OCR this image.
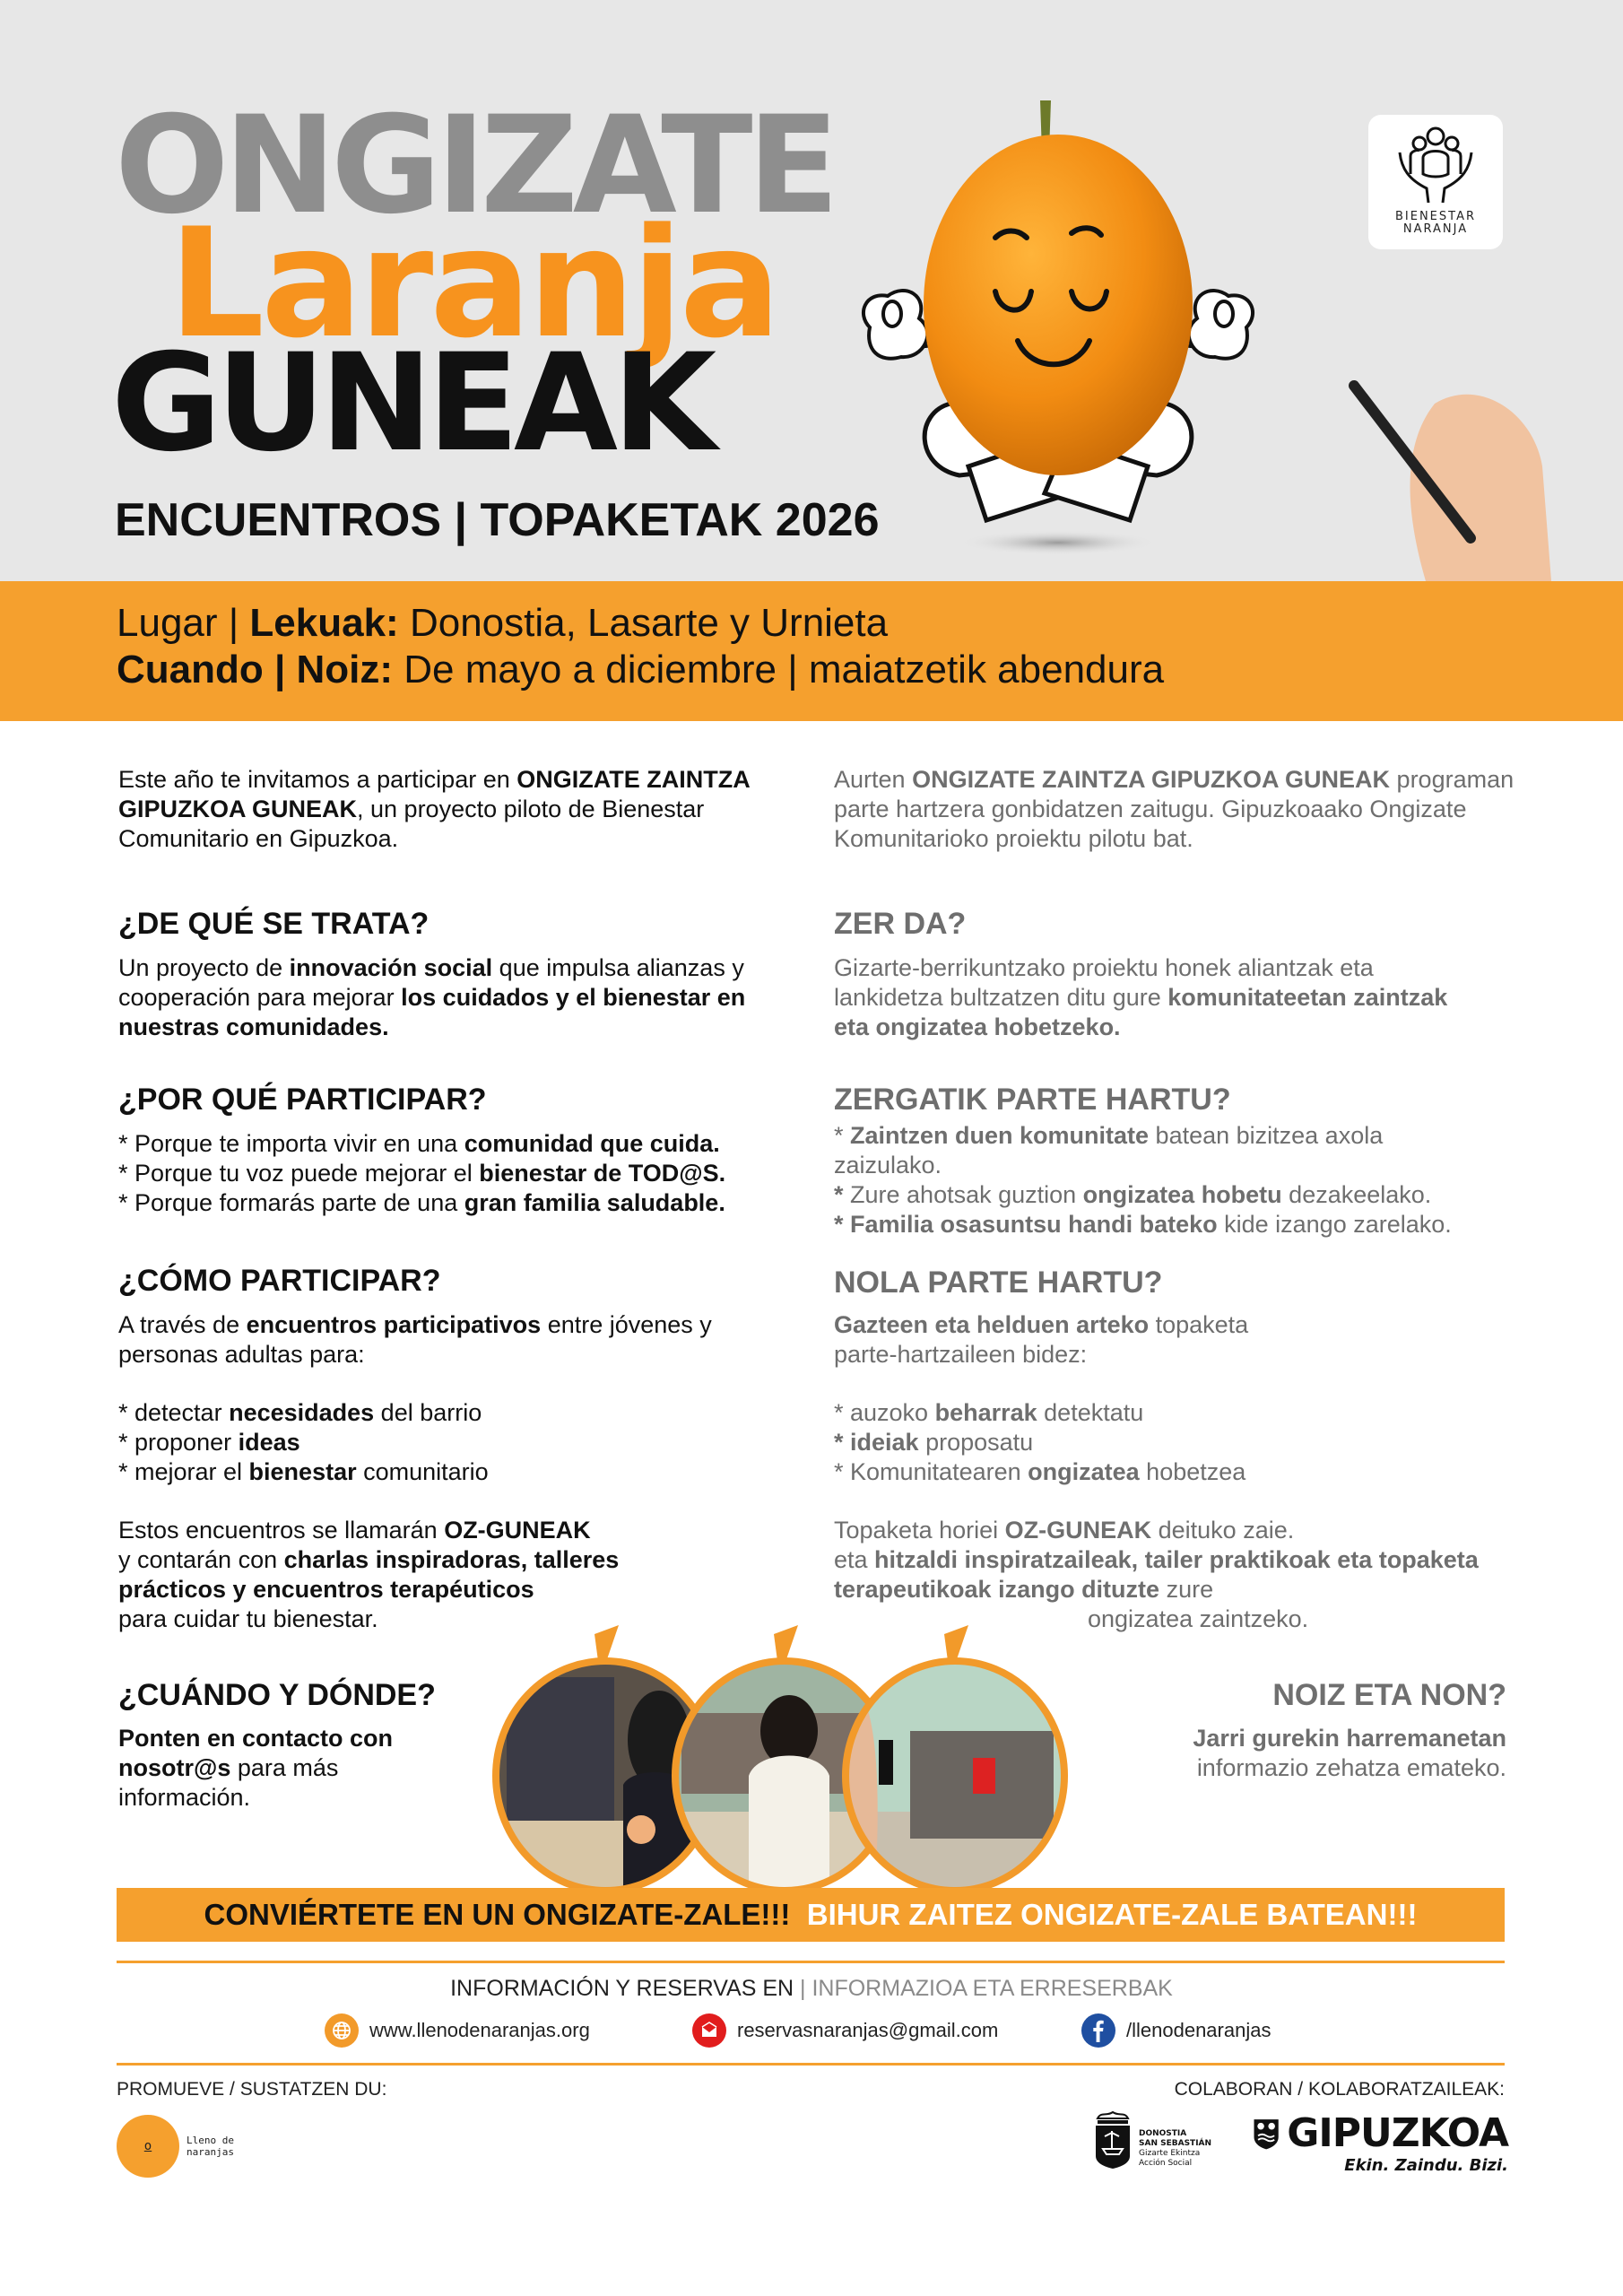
ONGIZATE
Laranja
GUNEAK
ENCUENTROS | TOPAKETAK 2026
BIENESTAR
NARANJA
Lugar | Lekuak: Donostia, Lasarte y Urnieta
Cuando | Noiz: De mayo a diciembre | maiatzetik abendura
Este año te invitamos a participar en ONGIZATE ZAINTZA GIPUZKOA GUNEAK, un proyecto piloto de Bienestar Comunitario en Gipuzkoa.
¿DE QUÉ SE TRATA?
Un proyecto de innovación social que impulsa alianzas y cooperación para mejorar los cuidados y el bienestar en nuestras comunidades.
¿POR QUÉ PARTICIPAR?
* Porque te importa vivir en una comunidad que cuida.
* Porque tu voz puede mejorar el bienestar de TOD@S.
* Porque formarás parte de una gran familia saludable.
¿CÓMO PARTICIPAR?
A través de encuentros participativos entre jóvenes y personas adultas para:
* detectar necesidades del barrio
* proponer ideas
* mejorar el bienestar comunitario
Estos encuentros se llamarán OZ-GUNEAK
y contarán con charlas inspiradoras, talleres prácticos y encuentros terapéuticos
para cuidar tu bienestar.
¿CUÁNDO Y DÓNDE?
Ponten en contacto con nosotr@s para más información.
Aurten ONGIZATE ZAINTZA GIPUZKOA GUNEAK programan parte hartzera gonbidatzen zaitugu. Gipuzkoaako Ongizate Komunitarioko proiektu pilotu bat.
ZER DA?
Gizarte-berrikuntzako proiektu honek aliantzak eta lankidetza bultzatzen ditu gure komunitateetan zaintzak eta ongizatea hobetzeko.
ZERGATIK PARTE HARTU?
* Zaintzen duen komunitate batean bizitzea axola zaizulako.
* Zure ahotsak guztion ongizatea hobetu dezakeelakо.
* Familia osasuntsu handi bateko kide izango zarelako.
NOLA PARTE HARTU?
Gazteen eta helduen arteko topaketa parte-hartzaileen bidez:
* auzoko beharrak detektatu
* ideiak proposatu
* Komunitatearen ongizatea hobetzea
Topaketa horiei OZ-GUNEAK deituko zaie.
eta hitzaldi inspiratzaileak, tailer praktikoak eta topaketa terapeutikoak izango dituzte zure
ongizatea zaintzeko.
NOIZ ETA NON?
Jarri gurekin harremanetan
informazio zehatza emateko.
CONVIÉRTETE EN UN ONGIZATE-ZALE!!! BIHUR ZAITEZ ONGIZATE-ZALE BATEAN!!!
INFORMACIÓN Y RESERVAS EN | INFORMAZIOA ETA ERRESERBAK
www.llenodenaranjas.org	reservasnaranjas@gmail.com	/llenodenaranjas
PROMUEVE / SUSTATZEN DU:	COLABORAN / KOLABORATZAILEAK:
o	Lleno de
naranjas
DONOSTIA
SAN SEBASTIÁN
Gizarte Ekintza
Acción Social
GIPUZKOA
Ekin. Zaindu. Bizi.
